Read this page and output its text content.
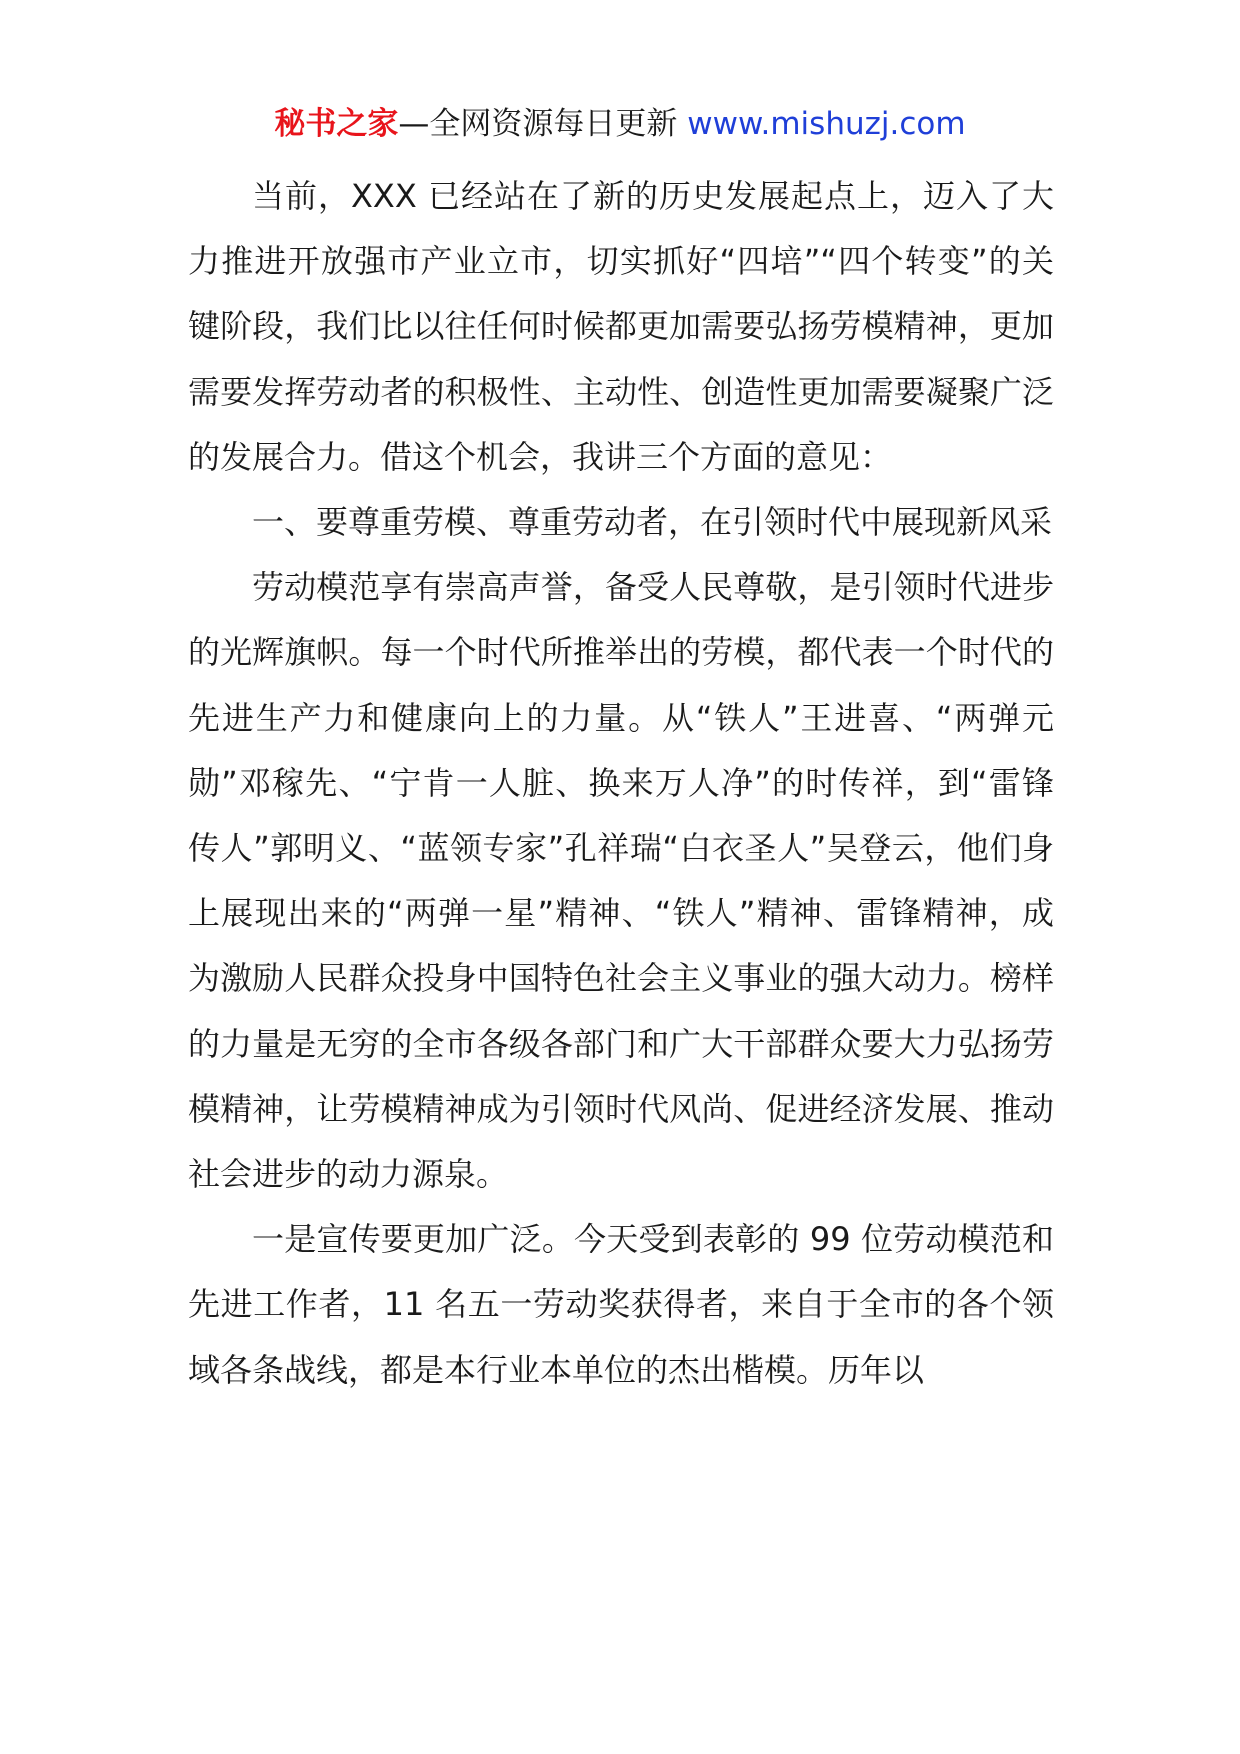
秘书之家—全网资源每日更新 www.mishuzj.com

当前，XXX 已经站在了新的历史发展起点上，迈入了大力推进开放强市产业立市，切实抓好“四培”“四个转变”的关键阶段，我们比以往任何时候都更加需要弘扬劳模精神，更加需要发挥劳动者的积极性、主动性、创造性更加需要凝聚广泛的发展合力。借这个机会，我讲三个方面的意见：

一、要尊重劳模、尊重劳动者，在引领时代中展现新风采

劳动模范享有崇高声誉，备受人民尊敬，是引领时代进步的光辉旗帜。每一个时代所推举出的劳模，都代表一个时代的先进生产力和健康向上的力量。从“铁人”王进喜、“两弹元勋”邓稼先、“宁肯一人脏、换来万人净”的时传祥，到“雷锋传人”郭明义、“蓝领专家”孔祥瑞“白衣圣人”吴登云，他们身上展现出来的“两弹一星”精神、“铁人”精神、雷锋精神，成为激励人民群众投身中国特色社会主义事业的强大动力。榜样的力量是无穷的全市各级各部门和广大干部群众要大力弘扬劳模精神，让劳模精神成为引领时代风尚、促进经济发展、推动社会进步的动力源泉。

一是宣传要更加广泛。今天受到表彰的 99 位劳动模范和先进工作者，11 名五一劳动奖获得者，来自于全市的各个领域各条战线，都是本行业本单位的杰出楷模。历年以
